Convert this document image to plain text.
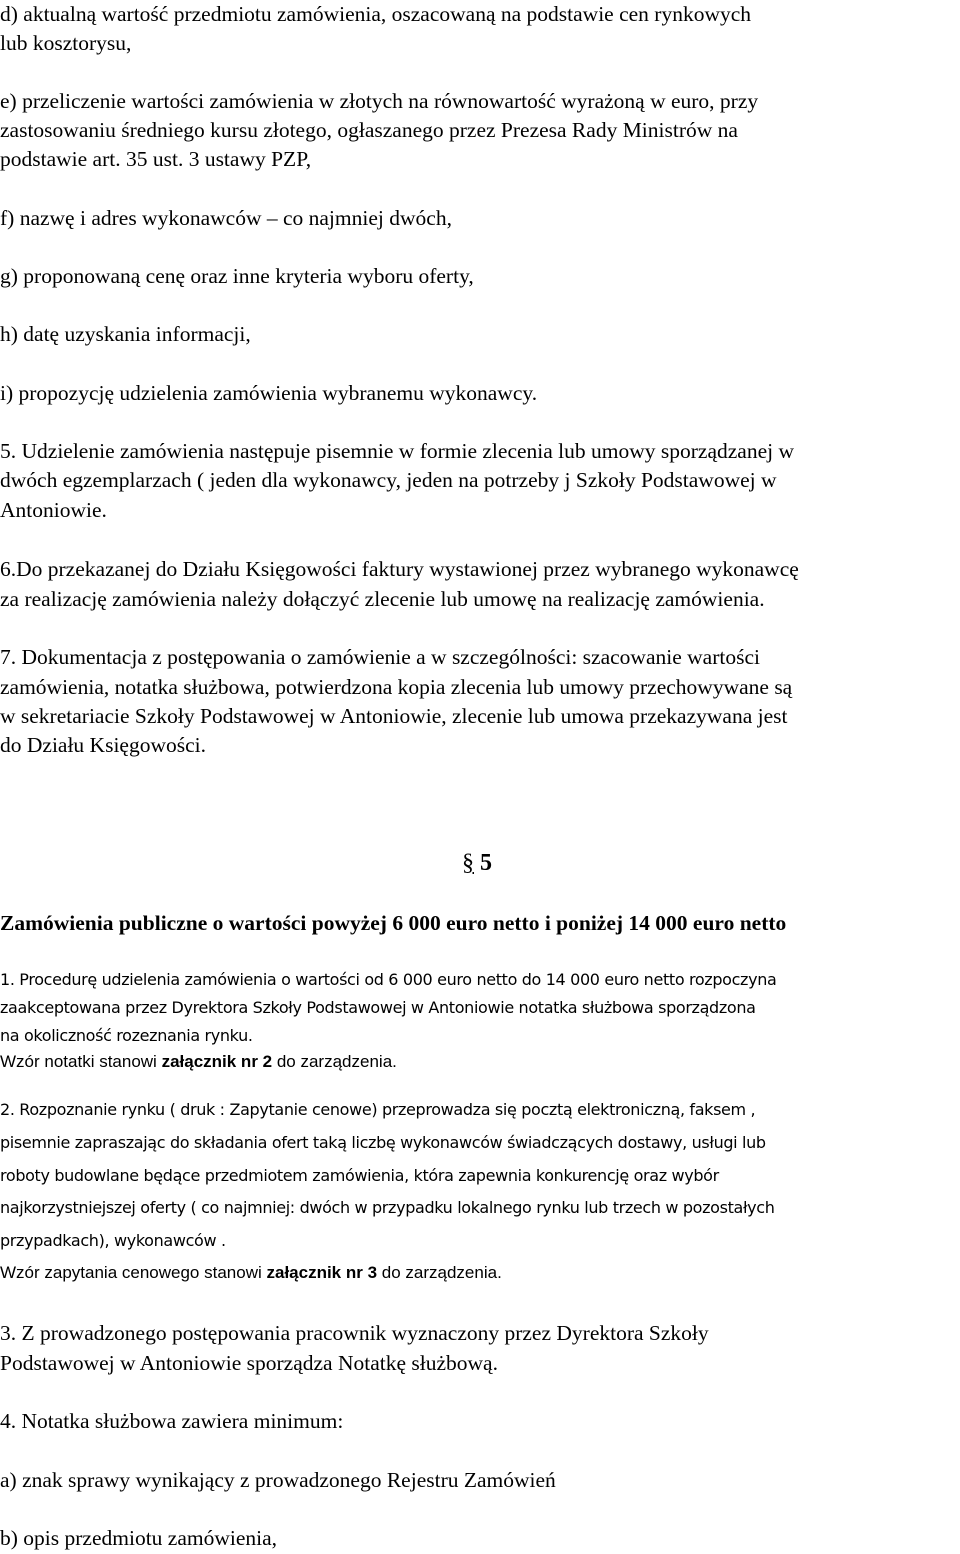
d) aktualną wartość przedmiotu zamówienia, oszacowaną na podstawie cen rynkowych
lub kosztorysu,
e) przeliczenie wartości zamówienia w złotych na równowartość wyrażoną w euro, przy
zastosowaniu średniego kursu złotego, ogłaszanego przez Prezesa Rady Ministrów na
podstawie art. 35 ust. 3 ustawy PZP,
f) nazwę i adres wykonawców – co najmniej dwóch,
g) proponowaną cenę oraz inne kryteria wyboru oferty,
h) datę uzyskania informacji,
i) propozycję udzielenia zamówienia wybranemu wykonawcy.
5. Udzielenie zamówienia następuje pisemnie w formie zlecenia lub umowy sporządzanej w
dwóch egzemplarzach ( jeden dla wykonawcy, jeden na potrzeby j Szkoły Podstawowej w
Antoniowie.
6.Do przekazanej do Działu Księgowości faktury wystawionej przez wybranego wykonawcę
za realizację zamówienia należy dołączyć zlecenie lub umowę na realizację zamówienia.
7. Dokumentacja z postępowania o zamówienie a w szczególności: szacowanie wartości
zamówienia, notatka służbowa, potwierdzona kopia zlecenia lub umowy przechowywane są
w sekretariacie Szkoły Podstawowej w Antoniowie, zlecenie lub umowa przekazywana jest
do Działu Księgowości.
§ 5
Zamówienia publiczne o wartości powyżej 6 000 euro netto i poniżej 14 000 euro netto
1. Procedurę udzielenia zamówienia o wartości od 6 000 euro netto do 14 000 euro netto rozpoczyna
zaakceptowana przez Dyrektora Szkoły Podstawowej w Antoniowie notatka służbowa sporządzona
na okoliczność rozeznania rynku.
Wzór notatki stanowi załącznik nr 2 do zarządzenia.
2. Rozpoznanie rynku ( druk : Zapytanie cenowe) przeprowadza się pocztą elektroniczną, faksem ,
pisemnie zapraszając do składania ofert taką liczbę wykonawców świadczących dostawy, usługi lub
roboty budowlane będące przedmiotem zamówienia, która zapewnia konkurencję oraz wybór
najkorzystniejszej oferty ( co najmniej: dwóch w przypadku lokalnego rynku lub trzech w pozostałych
przypadkach), wykonawców .
Wzór zapytania cenowego stanowi załącznik nr 3 do zarządzenia.
3. Z prowadzonego postępowania pracownik wyznaczony przez Dyrektora Szkoły
Podstawowej w Antoniowie sporządza Notatkę służbową.
4. Notatka służbowa zawiera minimum:
a) znak sprawy wynikający z prowadzonego Rejestru Zamówień
b) opis przedmiotu zamówienia,
